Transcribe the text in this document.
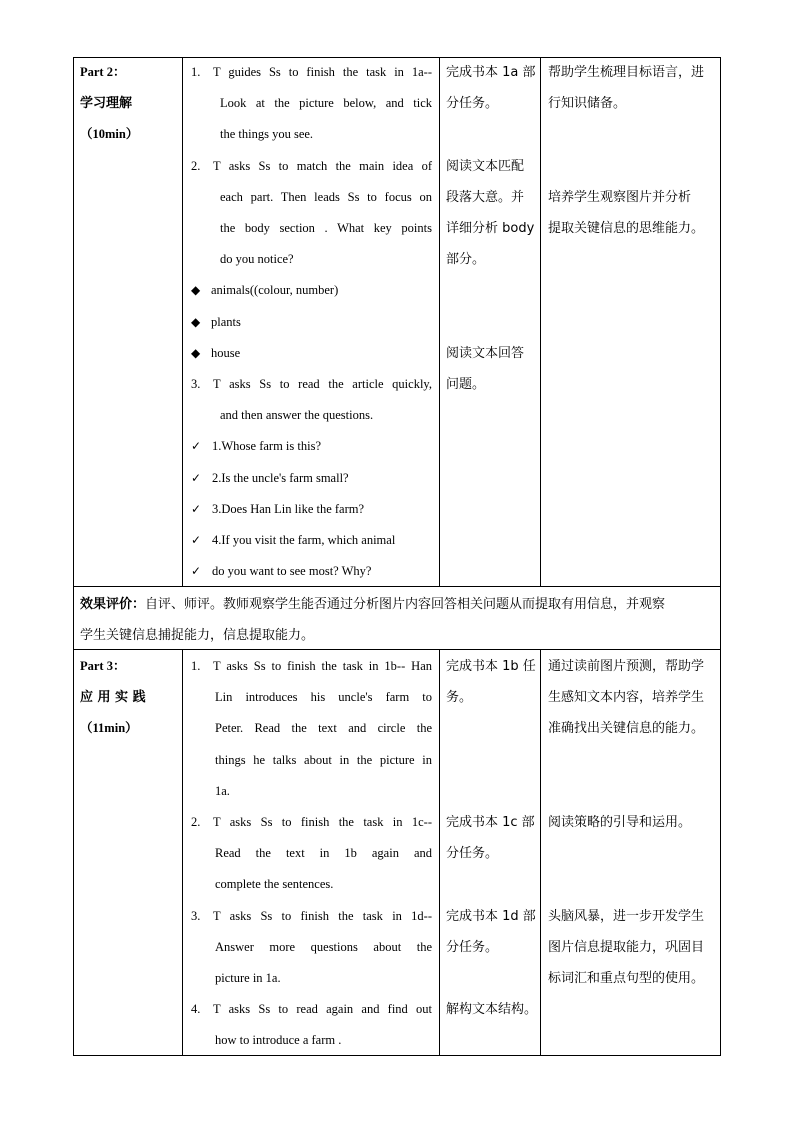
Part 2：
学习理解
（10min）
1. T guides Ss to finish the task in 1a--
Look at the picture below, and tick
the things you see.
2. T asks Ss to match the main idea of
each part. Then leads Ss to focus on
the body section . What key points
do you notice?
◆ animals((colour, number)
◆ plants
◆ house
3. T asks Ss to read the article quickly,
and then answer the questions.
✓ 1.Whose farm is this?
✓ 2.Is the uncle's farm small?
✓ 3.Does Han Lin like the farm?
✓ 4.If you visit the farm, which animal
✓ do you want to see most? Why?
完成书本 1a 部
分任务。
阅读文本匹配
段落大意。并
详细分析 body
部分。
阅读文本回答
问题。
帮助学生梳理目标语言，进
行知识储备。
培养学生观察图片并分析
提取关键信息的思维能力。
效果评价：自评、师评。教师观察学生能否通过分析图片内容回答相关问题从而提取有用信息，并观察
学生关键信息捕捉能力，信息提取能力。
Part 3：
应 用 实 践
（11min）
1. T asks Ss to finish the task in 1b-- Han
Lin introduces his uncle's farm to
Peter. Read the text and circle the
things he talks about in the picture in
1a.
2. T asks Ss to finish the task in 1c--
Read the text in 1b again and
complete the sentences.
3. T asks Ss to finish the task in 1d--
Answer more questions about the
picture in 1a.
4. T asks Ss to read again and find out
how to introduce a farm .
完成书本 1b 任
务。
完成书本 1c 部
分任务。
完成书本 1d 部
分任务。
解构文本结构。
通过读前图片预测，帮助学
生感知文本内容，培养学生
准确找出关键信息的能力。
阅读策略的引导和运用。
头脑风暴，进一步开发学生
图片信息提取能力，巩固目
标词汇和重点句型的使用。
